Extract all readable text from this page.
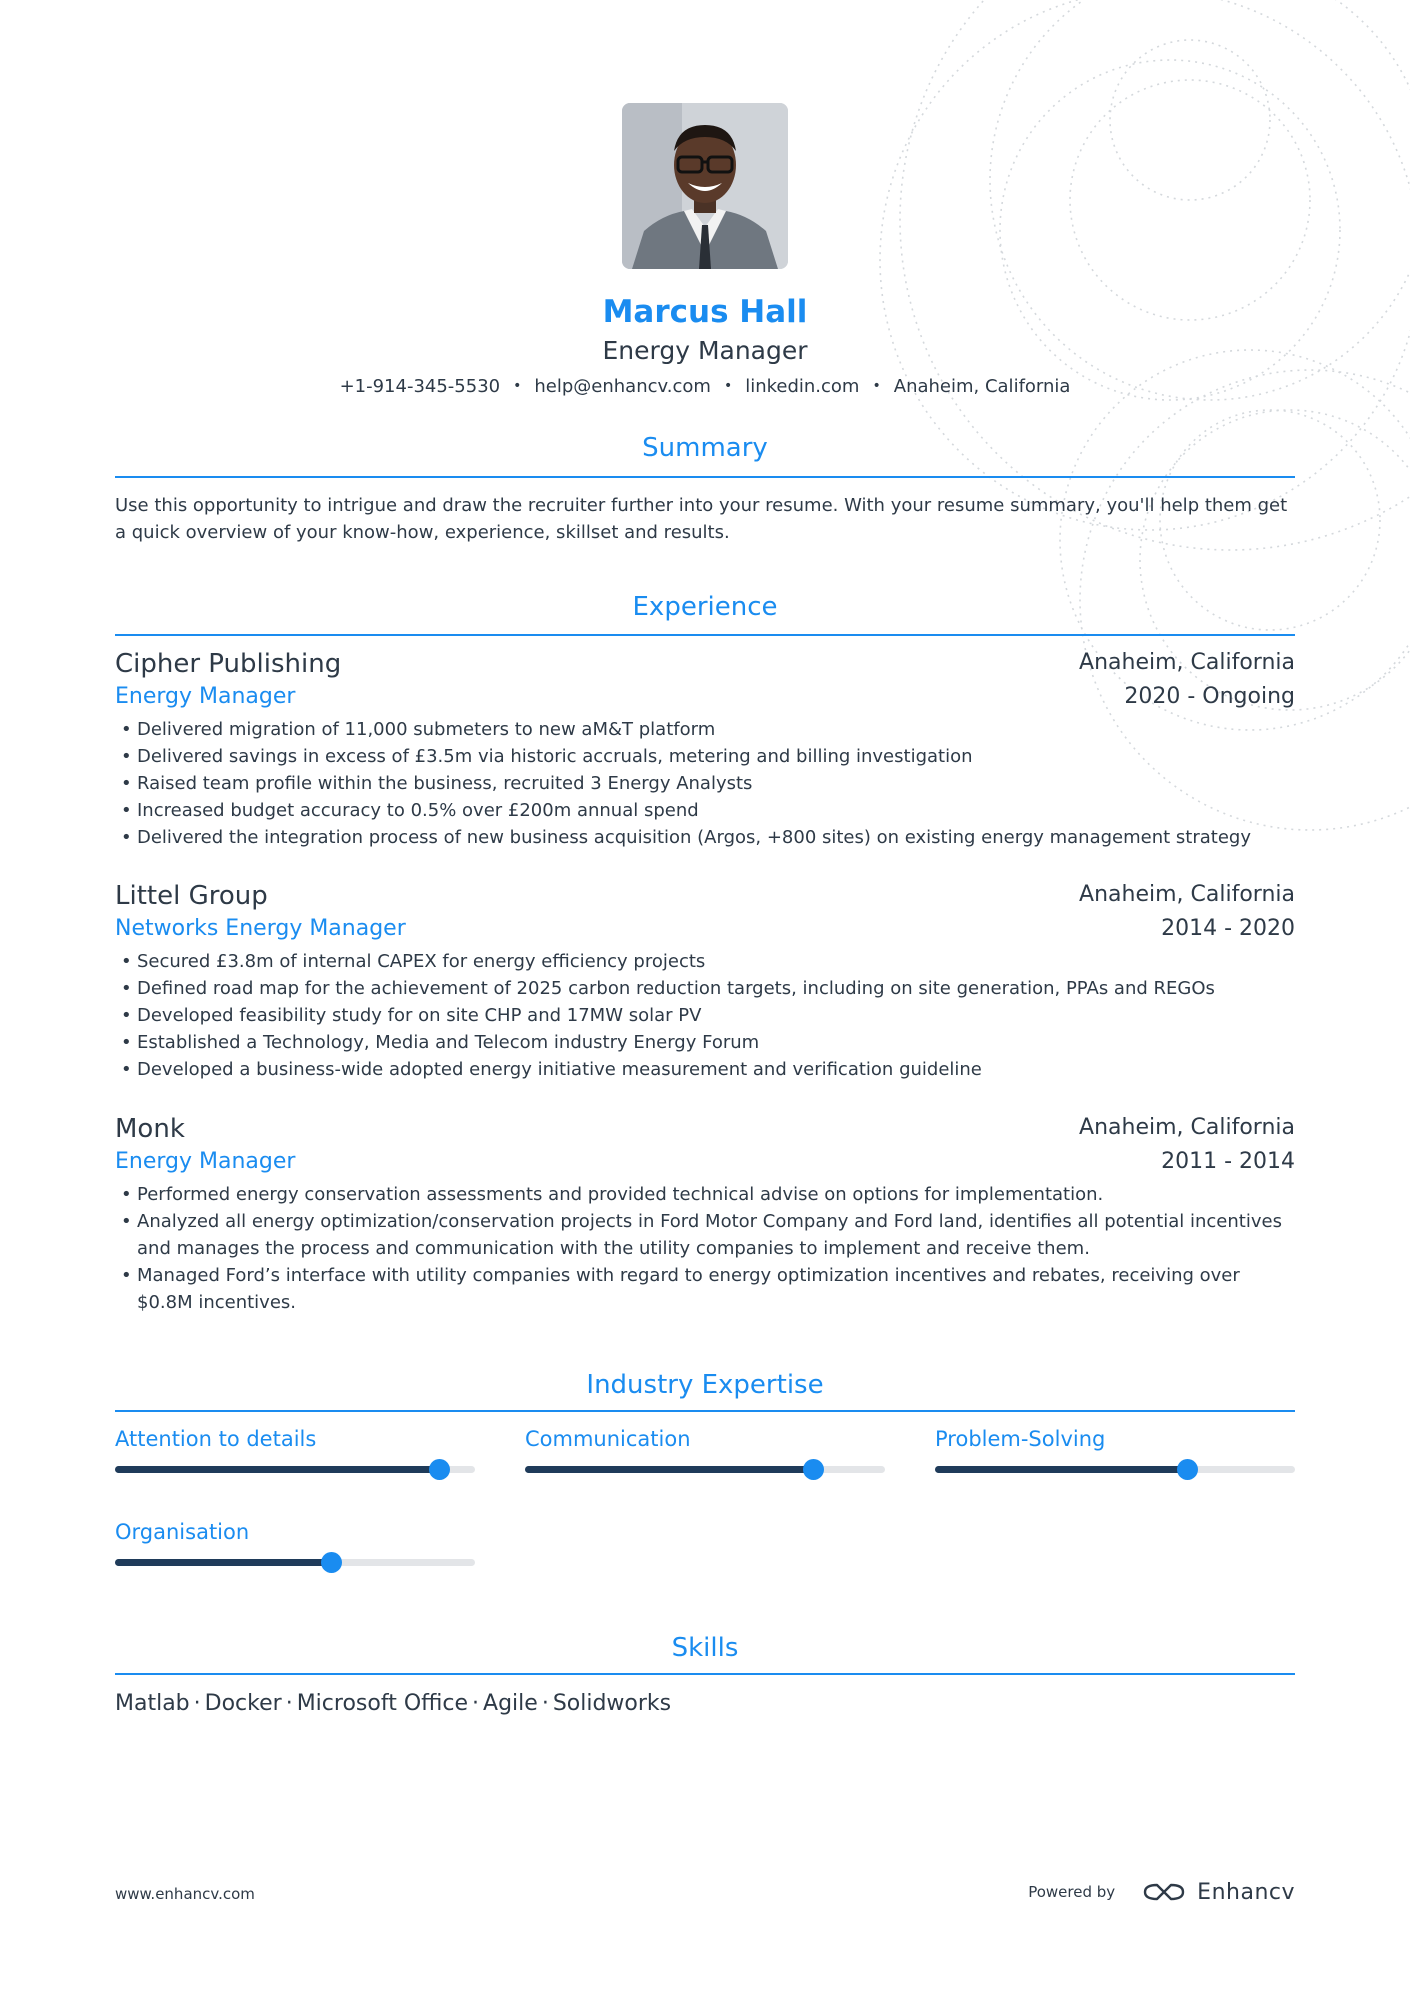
Marcus Hall
Energy Manager
+1-914-345-5530 • help@enhancv.com • linkedin.com • Anaheim, California
Summary
Use this opportunity to intrigue and draw the recruiter further into your resume. With your resume summary, you'll help them get a quick overview of your know-how, experience, skillset and results.
Experience
Cipher Publishing	Anaheim, California
Energy Manager	2020 - Ongoing
• Delivered migration of 11,000 submeters to new aM&T platform
• Delivered savings in excess of £3.5m via historic accruals, metering and billing investigation
• Raised team profile within the business, recruited 3 Energy Analysts
• Increased budget accuracy to 0.5% over £200m annual spend
• Delivered the integration process of new business acquisition (Argos, +800 sites) on existing energy management strategy
Littel Group	Anaheim, California
Networks Energy Manager	2014 - 2020
• Secured £3.8m of internal CAPEX for energy efficiency projects
• Defined road map for the achievement of 2025 carbon reduction targets, including on site generation, PPAs and REGOs
• Developed feasibility study for on site CHP and 17MW solar PV
• Established a Technology, Media and Telecom industry Energy Forum
• Developed a business-wide adopted energy initiative measurement and verification guideline
Monk	Anaheim, California
Energy Manager	2011 - 2014
• Performed energy conservation assessments and provided technical advise on options for implementation.
• Analyzed all energy optimization/conservation projects in Ford Motor Company and Ford land, identifies all potential incentives and manages the process and communication with the utility companies to implement and receive them.
• Managed Ford’s interface with utility companies with regard to energy optimization incentives and rebates, receiving over $0.8M incentives.
Industry Expertise
Attention to details	Communication	Problem-Solving
Organisation
Skills
Matlab · Docker · Microsoft Office · Agile · Solidworks
www.enhancv.com	Powered by	Enhancv
